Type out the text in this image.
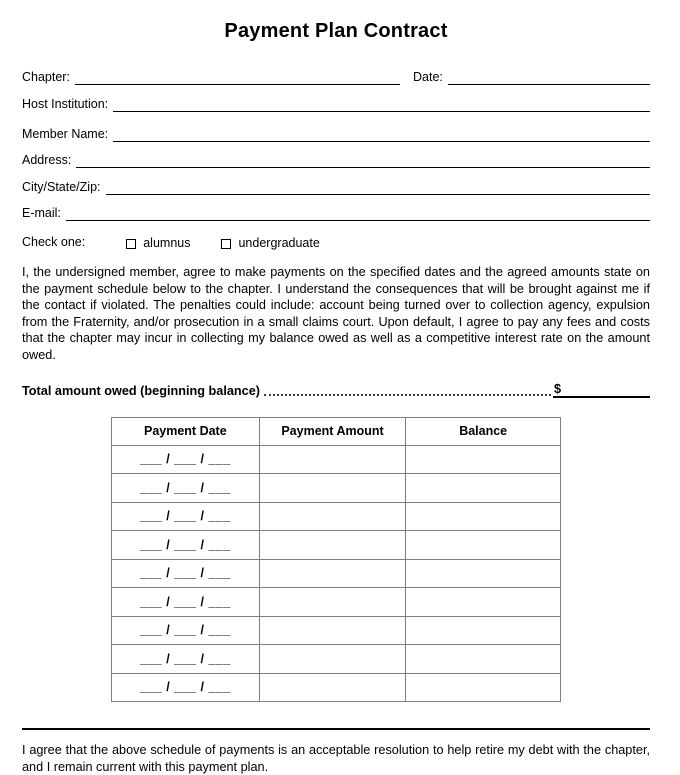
Payment Plan Contract
Chapter:	Date:
Host Institution:
Member Name:
Address:
City/State/Zip:
E-mail:
Check one:	alumnus	undergraduate

I, the undersigned member, agree to make payments on the specified dates and the agreed amounts state on the payment schedule below to the chapter. I understand the consequences that will be brought against me if the contact if violated. The penalties could include: account being turned over to collection agency, expulsion from the Fraternity, and/or prosecution in a small claims court. Upon default, I agree to pay any fees and costs that the chapter may incur in collecting my balance owed as well as a competitive interest rate on the amount owed.

Total amount owed (beginning balance)	$
Payment Date	Payment Amount	Balance
___ / ___ / ___		
___ / ___ / ___		
___ / ___ / ___		
___ / ___ / ___		
___ / ___ / ___		
___ / ___ / ___		
___ / ___ / ___		
___ / ___ / ___		
___ / ___ / ___		

I agree that the above schedule of payments is an acceptable resolution to help retire my debt with the chapter, and I remain current with this payment plan.
